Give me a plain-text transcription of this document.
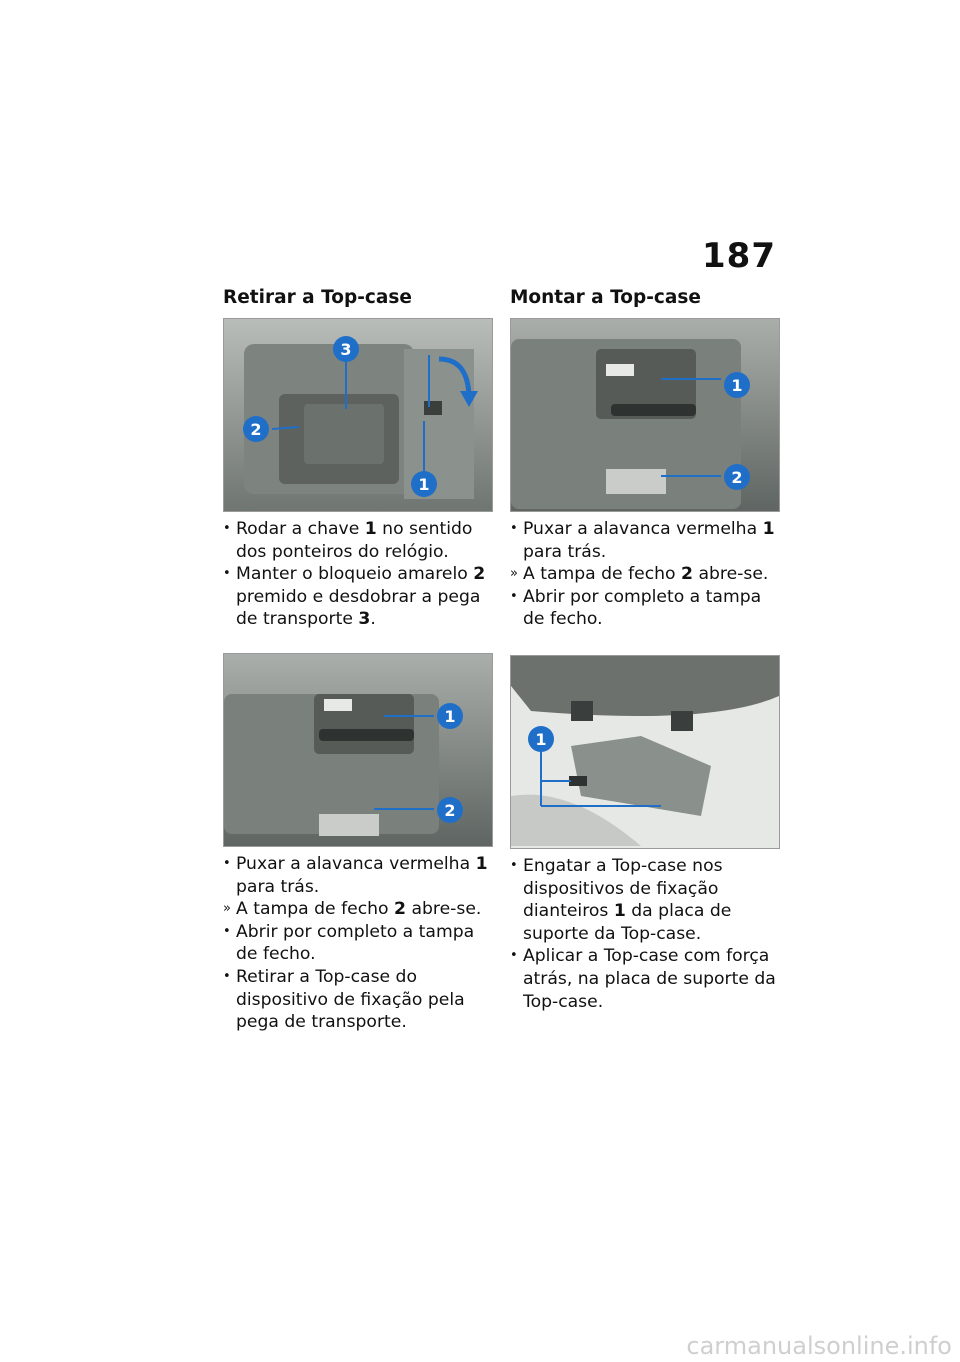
187
Retirar a Top-case
3
2
1
• Rodar a chave 1 no sentido dos ponteiros do relógio.
• Manter o bloqueio amarelo 2 premido e desdobrar a pega de transporte 3.
1
2
• Puxar a alavanca vermelha 1 para trás.
» A tampa de fecho 2 abre-se.
• Abrir por completo a tampa de fecho.
• Retirar a Top-case do dispositivo de fixação pela pega de transporte.
Montar a Top-case
1
2
• Puxar a alavanca vermelha 1 para trás.
» A tampa de fecho 2 abre-se.
• Abrir por completo a tampa de fecho.
1
• Engatar a Top-case nos dispositivos de fixação dianteiros 1 da placa de suporte da Top-case.
• Aplicar a Top-case com força atrás, na placa de suporte da Top-case.
carmanualsonline.info
